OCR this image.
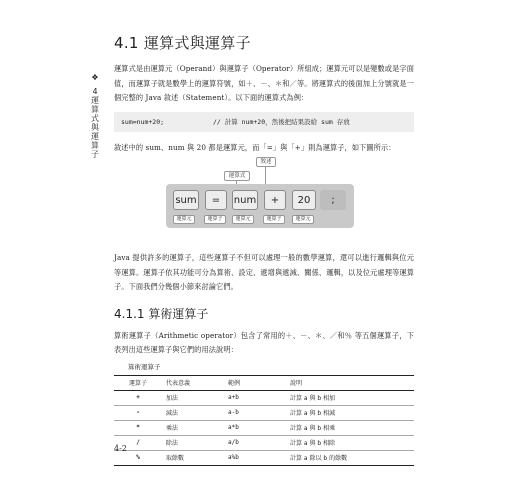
❖
4 運算式與運算子
4.1 運算式與運算子

運算式是由運算元（Operand）與運算子（Operator）所組成；運算元可以是變數或是字面值，而運算子就是數學上的運算符號，如＋、－、＊和／等。將運算式的後面加上分號就是一個完整的 Java 敘述（Statement）。以下面的運算式為例：

sum=num+20;	// 計算 num+20，然後把結果設給 sum 存放

敘述中的 sum、num 與 20 都是運算元，而「=」與「+」則為運算子，如下圖所示：

敘述
運算式
sum	=	num	+	20	;
運算元	運算子	運算元	運算子	運算元

Java 提供許多的運算子，這些運算子不但可以處理一般的數學運算，還可以進行邏輯與位元等運算。運算子依其功能可分為算術、設定、遞增與遞減、關係、邏輯，以及位元處理等運算子。下面我們分幾個小節來討論它們。

4.1.1 算術運算子

算術運算子（Arithmetic operator）包含了常用的＋、－、＊、／和％ 等五個運算子，下表列出這些運算子與它們的用法說明：

算術運算子
運算子	代表意義	範例	說明
+	加法	a+b	計算 a 與 b 相加
-	減法	a-b	計算 a 與 b 相減
*	乘法	a*b	計算 a 與 b 相乘
/	除法	a/b	計算 a 與 b 相除
%	取餘數	a%b	計算 a 除以 b 的餘數
4-2
